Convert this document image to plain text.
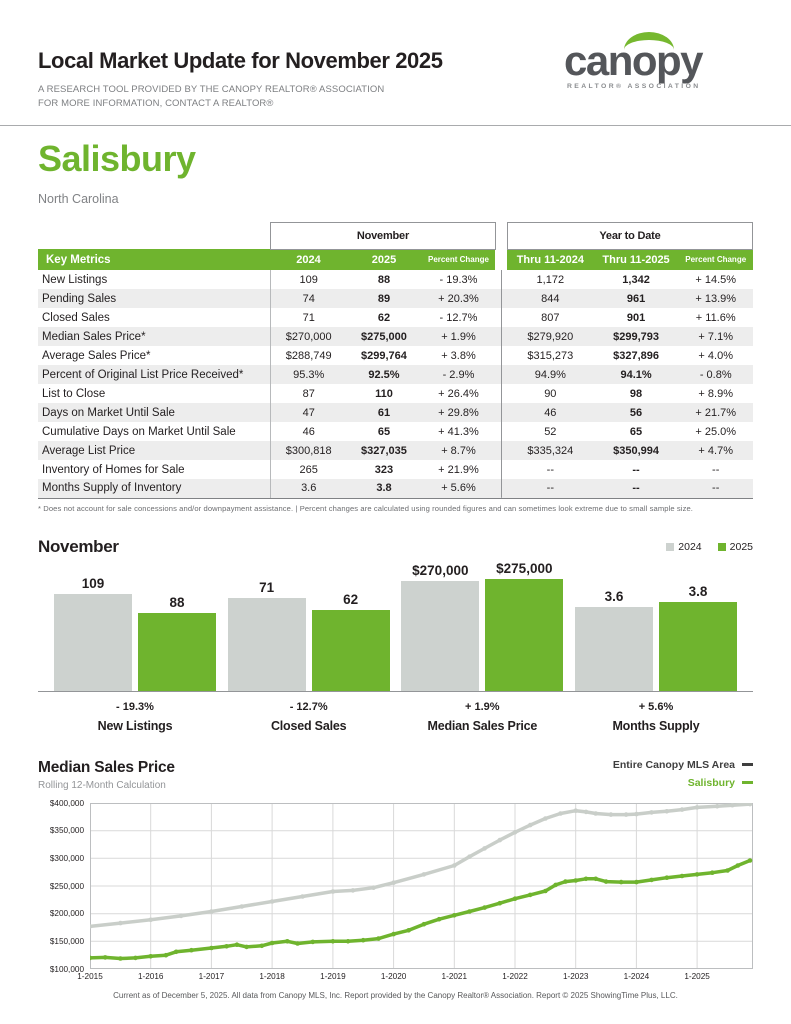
Local Market Update for November 2025
A RESEARCH TOOL PROVIDED BY THE CANOPY REALTOR® ASSOCIATION
FOR MORE INFORMATION, CONTACT A REALTOR®
canopy
REALTOR® ASSOCIATION
Salisbury
North Carolina
	November				Year to Date		
Key Metrics	2024	2025	Percent Change		Thru 11-2024	Thru 11-2025	Percent Change
New Listings	109	88	- 19.3%		1,172	1,342	+ 14.5%
Pending Sales	74	89	+ 20.3%		844	961	+ 13.9%
Closed Sales	71	62	- 12.7%		807	901	+ 11.6%
Median Sales Price*	$270,000	$275,000	+ 1.9%		$279,920	$299,793	+ 7.1%
Average Sales Price*	$288,749	$299,764	+ 3.8%		$315,273	$327,896	+ 4.0%
Percent of Original List Price Received*	95.3%	92.5%	- 2.9%		94.9%	94.1%	- 0.8%
List to Close	87	110	+ 26.4%		90	98	+ 8.9%
Days on Market Until Sale	47	61	+ 29.8%		46	56	+ 21.7%
Cumulative Days on Market Until Sale	46	65	+ 41.3%		52	65	+ 25.0%
Average List Price	$300,818	$327,035	+ 8.7%		$335,324	$350,994	+ 4.7%
Inventory of Homes for Sale	265	323	+ 21.9%		--	--	--
Months Supply of Inventory	3.6	3.8	+ 5.6%		--	--	--
* Does not account for sale concessions and/or downpayment assistance. | Percent changes are calculated using rounded figures and can sometimes look extreme due to small sample size.
November	2024	2025
109
88
71
62
$270,000 $275,000
3.6	3.8
- 19.3%
New Listings
- 12.7%
Closed Sales
+ 1.9%
Median Sales Price
+ 5.6%
Months Supply
Median Sales Price
Rolling 12-Month Calculation
Entire Canopy MLS Area
Salisbury
$400,000
$350,000
$300,000
$250,000
$200,000
$150,000
$100,000
1-2015	1-2016	1-2017	1-2018	1-2019	1-2020	1-2021	1-2022	1-2023	1-2024	1-2025
Current as of December 5, 2025. All data from Canopy MLS, Inc. Report provided by the Canopy Realtor® Association. Report © 2025 ShowingTime Plus, LLC.
